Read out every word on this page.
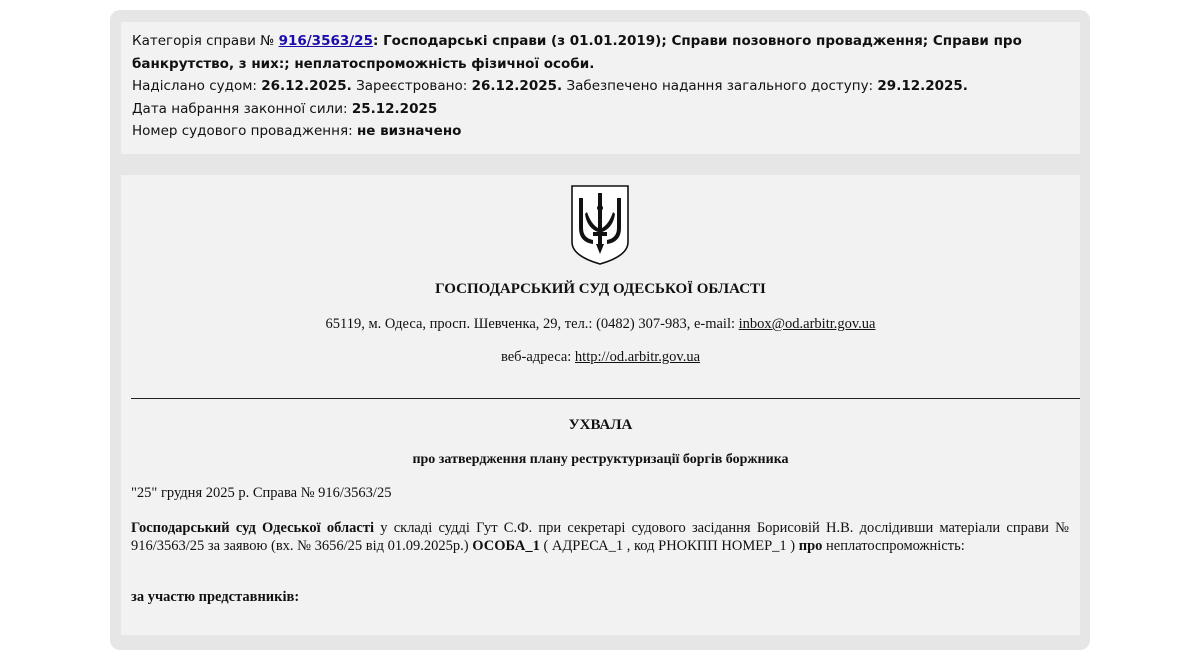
Категорія справи № 916/3563/25: Господарські справи (з 01.01.2019); Справи позовного провадження; Справи про банкрутство, з них:; неплатоспроможність фізичної особи.
Надіслано судом: 26.12.2025. Зареєстровано: 26.12.2025. Забезпечено надання загального доступу: 29.12.2025.
Дата набрання законної сили: 25.12.2025
Номер судового провадження: не визначено
ГОСПОДАРСЬКИЙ СУД ОДЕСЬКОЇ ОБЛАСТІ
65119, м. Одеса, просп. Шевченка, 29, тел.: (0482) 307-983, e-mail: inbox@od.arbitr.gov.ua
веб-адреса: http://od.arbitr.gov.ua
УХВАЛА
про затвердження плану реструктуризації боргів боржника
"25" грудня 2025 р. Справа № 916/3563/25
Господарський суд Одеської області у складі судді Гут С.Ф. при секретарі судового засідання Борисовій Н.В. дослідивши матеріали справи № 916/3563/25 за заявою (вх. № 3656/25 від 01.09.2025р.) ОСОБА_1 ( АДРЕСА_1 , код РНОКПП НОМЕР_1 ) про неплатоспроможність:
за участю представників:
